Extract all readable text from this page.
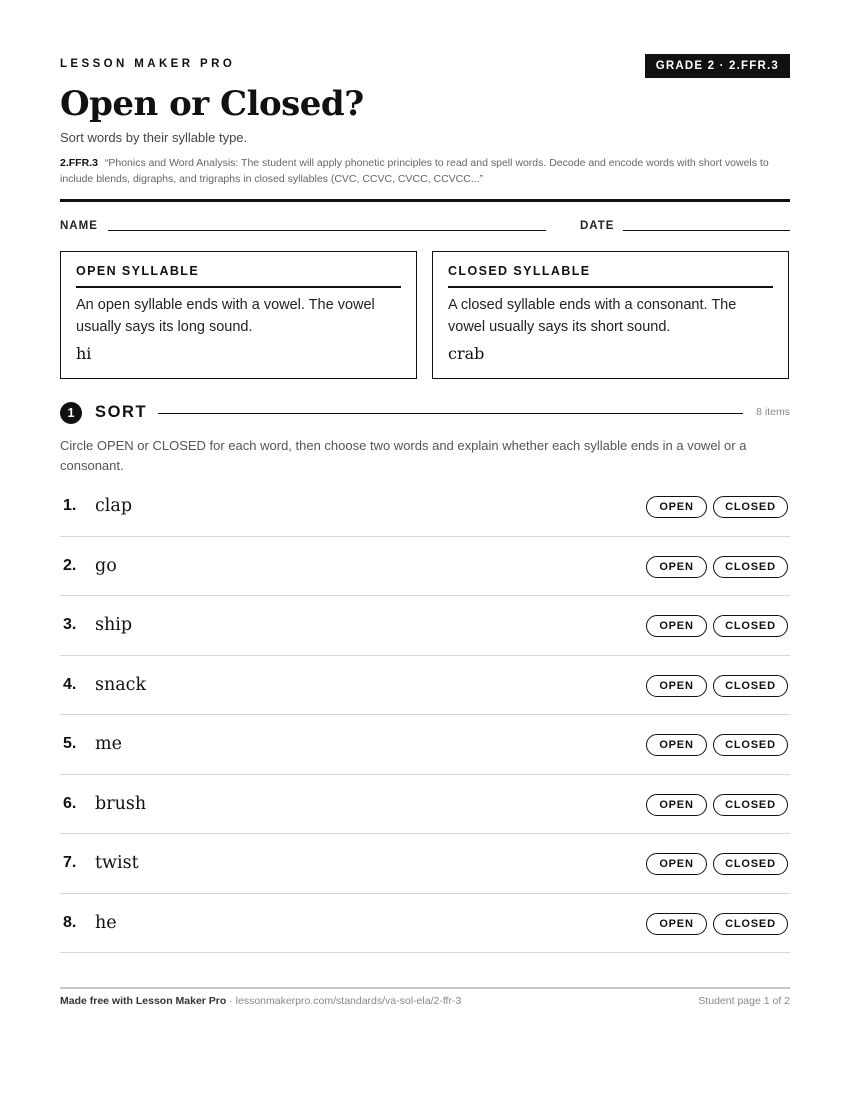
LESSON MAKER PRO	GRADE 2 · 2.FFR.3
Open or Closed?
Sort words by their syllable type.
2.FFR.3 “Phonics and Word Analysis: The student will apply phonetic principles to read and spell words. Decode and encode words with short vowels to include blends, digraphs, and trigraphs in closed syllables (CVC, CCVC, CVCC, CCVCC...”
NAME	DATE
OPEN SYLLABLE
An open syllable ends with a vowel. The vowel usually says its long sound.
hi
CLOSED SYLLABLE
A closed syllable ends with a consonant. The vowel usually says its short sound.
crab
1	SORT	8 items
Circle OPEN or CLOSED for each word, then choose two words and explain whether each syllable ends in a vowel or a consonant.
1. clap	OPEN	CLOSED
2. go	OPEN	CLOSED
3. ship	OPEN	CLOSED
4. snack	OPEN	CLOSED
5. me	OPEN	CLOSED
6. brush	OPEN	CLOSED
7. twist	OPEN	CLOSED
8. he	OPEN	CLOSED
Made free with Lesson Maker Pro · lessonmakerpro.com/standards/va-sol-ela/2-ffr-3	Student page 1 of 2
